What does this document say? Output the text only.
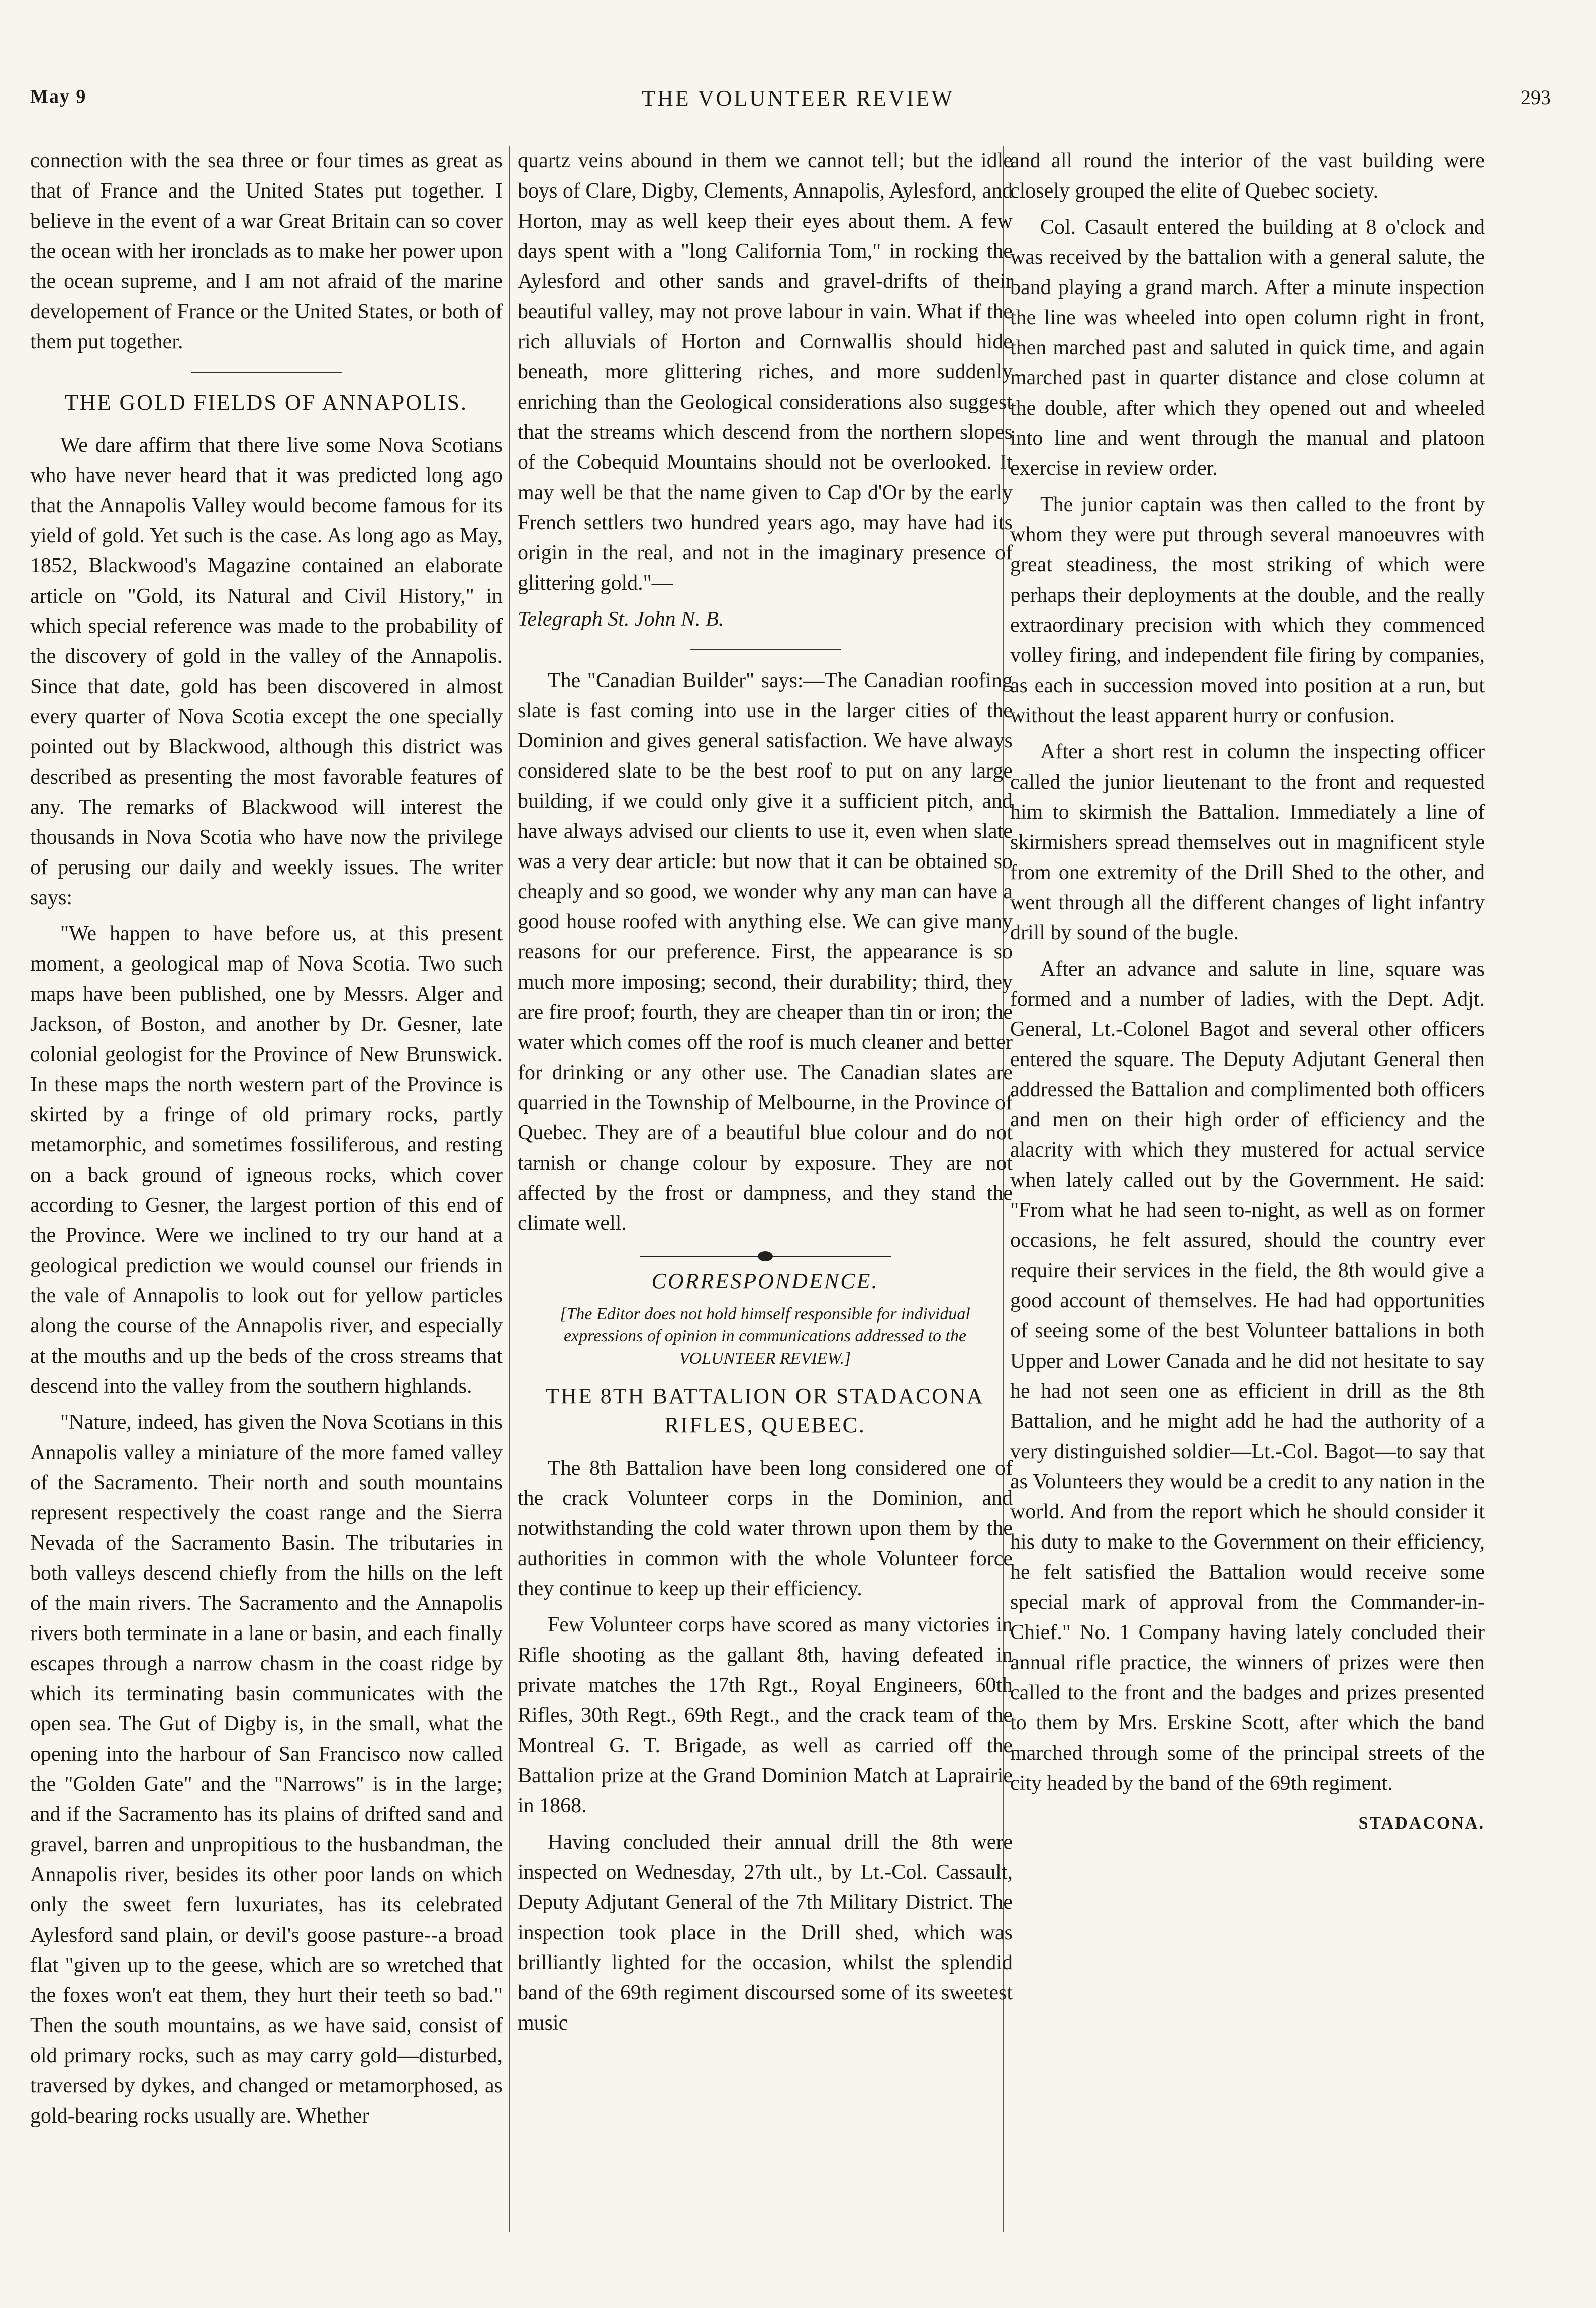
May 9	THE VOLUNTEER REVIEW	293

connection with the sea three or four times as great as that of France and the United States put together. I believe in the event of a war Great Britain can so cover the ocean with her ironclads as to make her power upon the ocean supreme, and I am not afraid of the marine developement of France or the United States, or both of them put together.

THE GOLD FIELDS OF ANNAPOLIS.

We dare affirm that there live some Nova Scotians who have never heard that it was predicted long ago that the Annapolis Valley would become famous for its yield of gold. Yet such is the case. As long ago as May, 1852, Blackwood's Magazine contained an elaborate article on "Gold, its Natural and Civil History," in which special reference was made to the probability of the discovery of gold in the valley of the Annapolis. Since that date, gold has been discovered in almost every quarter of Nova Scotia except the one specially pointed out by Blackwood, although this district was described as presenting the most favorable features of any. The remarks of Blackwood will interest the thousands in Nova Scotia who have now the privilege of perusing our daily and weekly issues. The writer says:

"We happen to have before us, at this present moment, a geological map of Nova Scotia. Two such maps have been published, one by Messrs. Alger and Jackson, of Boston, and another by Dr. Gesner, late colonial geologist for the Province of New Brunswick. In these maps the north western part of the Province is skirted by a fringe of old primary rocks, partly metamorphic, and sometimes fossiliferous, and resting on a back ground of igneous rocks, which cover according to Gesner, the largest portion of this end of the Province. Were we inclined to try our hand at a geological prediction we would counsel our friends in the vale of Annapolis to look out for yellow particles along the course of the Annapolis river, and especially at the mouths and up the beds of the cross streams that descend into the valley from the southern highlands.

"Nature, indeed, has given the Nova Scotians in this Annapolis valley a miniature of the more famed valley of the Sacramento. Their north and south mountains represent respectively the coast range and the Sierra Nevada of the Sacramento Basin. The tributaries in both valleys descend chiefly from the hills on the left of the main rivers. The Sacramento and the Annapolis rivers both terminate in a lane or basin, and each finally escapes through a narrow chasm in the coast ridge by which its terminating basin communicates with the open sea. The Gut of Digby is, in the small, what the opening into the harbour of San Francisco now called the "Golden Gate" and the "Narrows" is in the large; and if the Sacramento has its plains of drifted sand and gravel, barren and unpropitious to the husbandman, the Annapolis river, besides its other poor lands on which only the sweet fern luxuriates, has its celebrated Aylesford sand plain, or devil's goose pasture--a broad flat "given up to the geese, which are so wretched that the foxes won't eat them, they hurt their teeth so bad." Then the south mountains, as we have said, consist of old primary rocks, such as may carry gold—disturbed, traversed by dykes, and changed or metamorphosed, as gold-bearing rocks usually are. Whether

quartz veins abound in them we cannot tell; but the idle boys of Clare, Digby, Clements, Annapolis, Aylesford, and Horton, may as well keep their eyes about them. A few days spent with a "long California Tom," in rocking the Aylesford and other sands and gravel-drifts of their beautiful valley, may not prove labour in vain. What if the rich alluvials of Horton and Cornwallis should hide beneath, more glittering riches, and more suddenly enriching than the Geological considerations also suggest that the streams which descend from the northern slopes of the Cobequid Mountains should not be overlooked. It may well be that the name given to Cap d'Or by the early French settlers two hundred years ago, may have had its origin in the real, and not in the imaginary presence of glittering gold."—

Telegraph St. John N. B.

The "Canadian Builder" says:—The Canadian roofing slate is fast coming into use in the larger cities of the Dominion and gives general satisfaction. We have always considered slate to be the best roof to put on any large building, if we could only give it a sufficient pitch, and have always advised our clients to use it, even when slate was a very dear article: but now that it can be obtained so cheaply and so good, we wonder why any man can have a good house roofed with anything else. We can give many reasons for our preference. First, the appearance is so much more imposing; second, their durability; third, they are fire proof; fourth, they are cheaper than tin or iron; the water which comes off the roof is much cleaner and better for drinking or any other use. The Canadian slates are quarried in the Township of Melbourne, in the Province of Quebec. They are of a beautiful blue colour and do not tarnish or change colour by exposure. They are not affected by the frost or dampness, and they stand the climate well.

CORRESPONDENCE.
[The Editor does not hold himself responsible for individual expressions of opinion in communications addressed to the VOLUNTEER REVIEW.]
THE 8TH BATTALION OR STADACONA RIFLES, QUEBEC.

The 8th Battalion have been long considered one of the crack Volunteer corps in the Dominion, and notwithstanding the cold water thrown upon them by the authorities in common with the whole Volunteer force they continue to keep up their efficiency.

Few Volunteer corps have scored as many victories in Rifle shooting as the gallant 8th, having defeated in private matches the 17th Rgt., Royal Engineers, 60th Rifles, 30th Regt., 69th Regt., and the crack team of the Montreal G. T. Brigade, as well as carried off the Battalion prize at the Grand Dominion Match at Laprairie in 1868.

Having concluded their annual drill the 8th were inspected on Wednesday, 27th ult., by Lt.-Col. Cassault, Deputy Adjutant General of the 7th Military District. The inspection took place in the Drill shed, which was brilliantly lighted for the occasion, whilst the splendid band of the 69th regiment discoursed some of its sweetest music

and all round the interior of the vast building were closely grouped the elite of Quebec society.

Col. Casault entered the building at 8 o'clock and was received by the battalion with a general salute, the band playing a grand march. After a minute inspection the line was wheeled into open column right in front, then marched past and saluted in quick time, and again marched past in quarter distance and close column at the double, after which they opened out and wheeled into line and went through the manual and platoon exercise in review order.

The junior captain was then called to the front by whom they were put through several manoeuvres with great steadiness, the most striking of which were perhaps their deployments at the double, and the really extraordinary precision with which they commenced volley firing, and independent file firing by companies, as each in succession moved into position at a run, but without the least apparent hurry or confusion.

After a short rest in column the inspecting officer called the junior lieutenant to the front and requested him to skirmish the Battalion. Immediately a line of skirmishers spread themselves out in magnificent style from one extremity of the Drill Shed to the other, and went through all the different changes of light infantry drill by sound of the bugle.

After an advance and salute in line, square was formed and a number of ladies, with the Dept. Adjt. General, Lt.-Colonel Bagot and several other officers entered the square. The Deputy Adjutant General then addressed the Battalion and complimented both officers and men on their high order of efficiency and the alacrity with which they mustered for actual service when lately called out by the Government. He said: "From what he had seen to-night, as well as on former occasions, he felt assured, should the country ever require their services in the field, the 8th would give a good account of themselves. He had had opportunities of seeing some of the best Volunteer battalions in both Upper and Lower Canada and he did not hesitate to say he had not seen one as efficient in drill as the 8th Battalion, and he might add he had the authority of a very distinguished soldier—Lt.-Col. Bagot—to say that as Volunteers they would be a credit to any nation in the world. And from the report which he should consider it his duty to make to the Government on their efficiency, he felt satisfied the Battalion would receive some special mark of approval from the Commander-in-Chief." No. 1 Company having lately concluded their annual rifle practice, the winners of prizes were then called to the front and the badges and prizes presented to them by Mrs. Erskine Scott, after which the band marched through some of the principal streets of the city headed by the band of the 69th regiment.

STADACONA.
